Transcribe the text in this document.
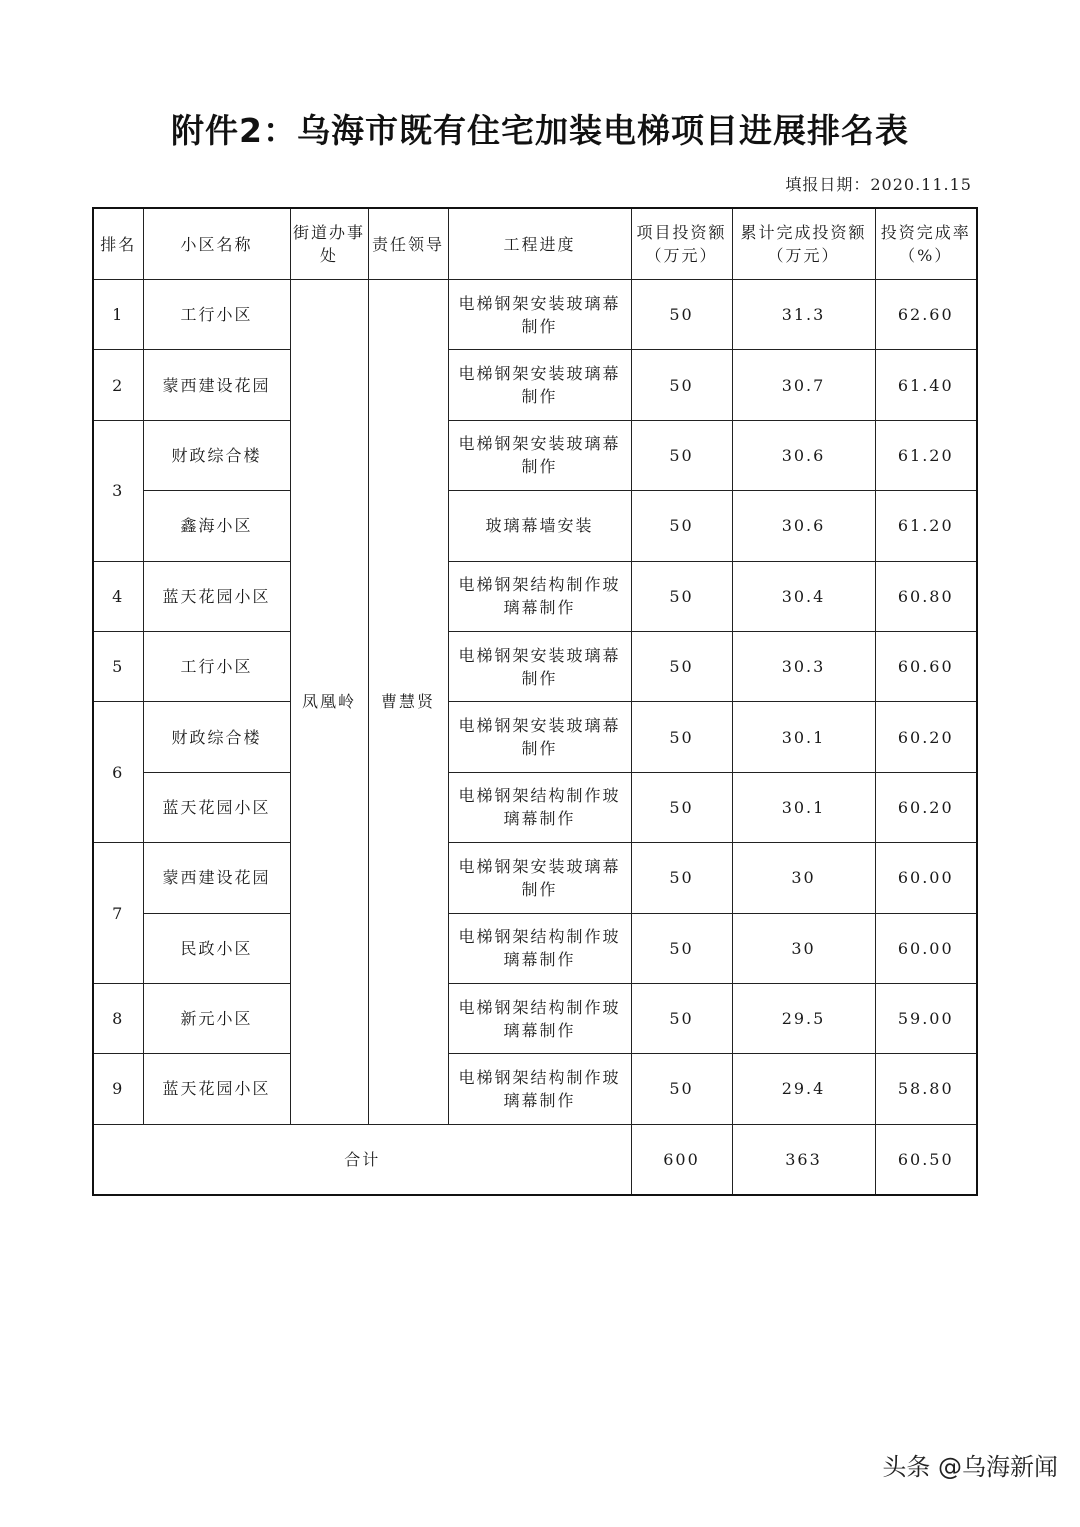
附件2：乌海市既有住宅加装电梯项目进展排名表
填报日期：2020.11.15
排名	小区名称	街道办事处	责任领导	工程进度	项目投资额（万元）	累计完成投资额（万元）	投资完成率（%）
1	工行小区	凤凰岭	曹慧贤	电梯钢架安装玻璃幕制作	50	31.3	62.60
2	蒙西建设花园			电梯钢架安装玻璃幕制作	50	30.7	61.40
3	财政综合楼			电梯钢架安装玻璃幕制作	50	30.6	61.20
	鑫海小区			玻璃幕墙安装	50	30.6	61.20
4	蓝天花园小区			电梯钢架结构制作玻璃幕制作	50	30.4	60.80
5	工行小区			电梯钢架安装玻璃幕制作	50	30.3	60.60
6	财政综合楼			电梯钢架安装玻璃幕制作	50	30.1	60.20
	蓝天花园小区			电梯钢架结构制作玻璃幕制作	50	30.1	60.20
7	蒙西建设花园			电梯钢架安装玻璃幕制作	50	30	60.00
	民政小区			电梯钢架结构制作玻璃幕制作	50	30	60.00
8	新元小区			电梯钢架结构制作玻璃幕制作	50	29.5	59.00
9	蓝天花园小区			电梯钢架结构制作玻璃幕制作	50	29.4	58.80
合计					600	363	60.50
头条 @乌海新闻
